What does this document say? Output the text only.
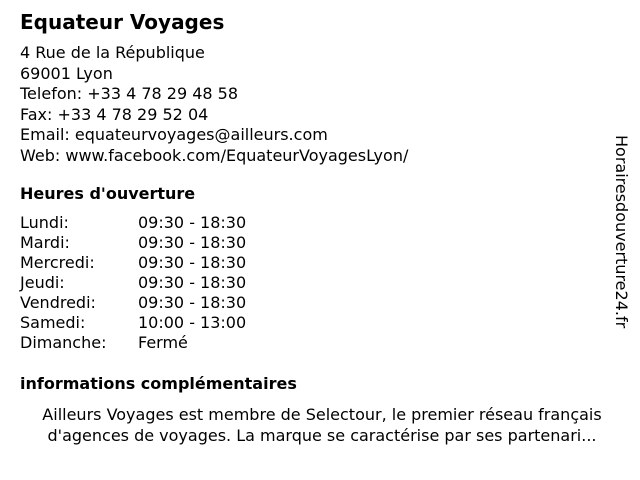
Equateur Voyages
4 Rue de la République
69001 Lyon
Telefon: +33 4 78 29 48 58
Fax: +33 4 78 29 52 04
Email: equateurvoyages@ailleurs.com
Web: www.facebook.com/EquateurVoyagesLyon/
Heures d'ouverture
Lundi:	09:30 - 18:30
Mardi:	09:30 - 18:30
Mercredi:	09:30 - 18:30
Jeudi:	09:30 - 18:30
Vendredi:	09:30 - 18:30
Samedi:	10:00 - 13:00
Dimanche:	Fermé
informations complémentaires
Ailleurs Voyages est membre de Selectour, le premier réseau français d'agences de voyages. La marque se caractérise par ses partenari...
Horairesdouverture24.fr
